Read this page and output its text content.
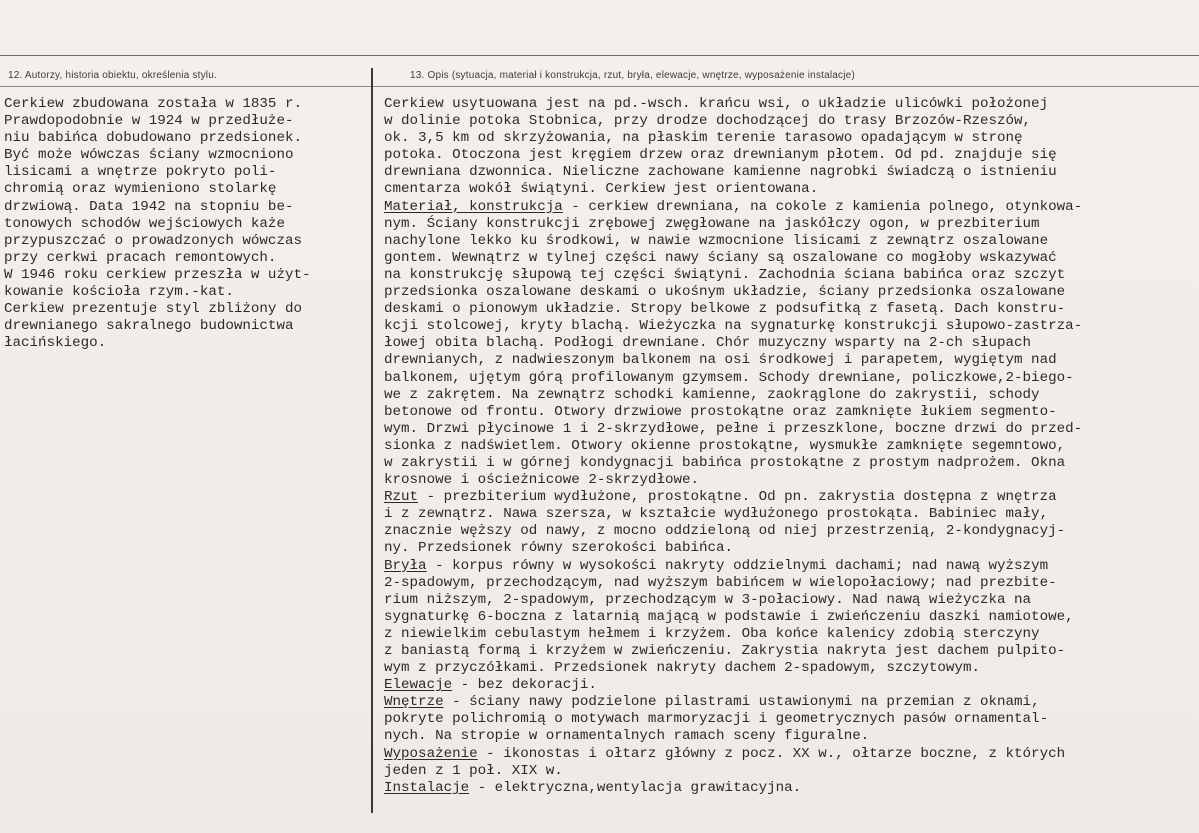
12. Autorzy, historia obiektu, określenia stylu.	13. Opis (sytuacja, materiał i konstrukcja, rzut, bryła, elewacje, wnętrze, wyposażenie instalacje)
Cerkiew zbudowana została w 1835 r.
Prawdopodobnie w 1924 w przedłuże-
niu babińca dobudowano przedsionek.
Być może wówczas ściany wzmocniono
lisicami a wnętrze pokryto poli-
chromią oraz wymieniono stolarkę
drzwiową. Data 1942 na stopniu be-
tonowych schodów wejściowych każe
przypuszczać o prowadzonych wówczas
przy cerkwi pracach remontowych.
W 1946 roku cerkiew przeszła w użyt-
kowanie kościoła rzym.-kat.
Cerkiew prezentuje styl zbliżony do
drewnianego sakralnego budownictwa
łacińskiego.
Cerkiew usytuowana jest na pd.-wsch. krańcu wsi, o układzie ulicówki położonej
w dolinie potoka Stobnica, przy drodze dochodzącej do trasy Brzozów-Rzeszów,
ok. 3,5 km od skrzyżowania, na płaskim terenie tarasowo opadającym w stronę
potoka. Otoczona jest kręgiem drzew oraz drewnianym płotem. Od pd. znajduje się
drewniana dzwonnica. Nieliczne zachowane kamienne nagrobki świadczą o istnieniu
cmentarza wokół świątyni. Cerkiew jest orientowana.
Materiał, konstrukcja - cerkiew drewniana, na cokole z kamienia polnego, otynkowa-
nym. Ściany konstrukcji zrębowej zwęgłowane na jaskółczy ogon, w prezbiterium
nachylone lekko ku środkowi, w nawie wzmocnione lisicami z zewnątrz oszalowane
gontem. Wewnątrz w tylnej części nawy ściany są oszalowane co mogłoby wskazywać
na konstrukcję słupową tej części świątyni. Zachodnia ściana babińca oraz szczyt
przedsionka oszalowane deskami o ukośnym układzie, ściany przedsionka oszalowane
deskami o pionowym układzie. Stropy belkowe z podsufitką z fasetą. Dach konstru-
kcji stolcowej, kryty blachą. Wieżyczka na sygnaturkę konstrukcji słupowo-zastrza-
łowej obita blachą. Podłogi drewniane. Chór muzyczny wsparty na 2-ch słupach
drewnianych, z nadwieszonym balkonem na osi środkowej i parapetem, wygiętym nad
balkonem, ujętym górą profilowanym gzymsem. Schody drewniane, policzkowe,2-biego-
we z zakrętem. Na zewnątrz schodki kamienne, zaokrąglone do zakrystii, schody
betonowe od frontu. Otwory drzwiowe prostokątne oraz zamknięte łukiem segmento-
wym. Drzwi płycinowe 1 i 2-skrzydłowe, pełne i przeszklone, boczne drzwi do przed-
sionka z nadświetlem. Otwory okienne prostokątne, wysmukłe zamknięte segemntowo,
w zakrystii i w górnej kondygnacji babińca prostokątne z prostym nadprożem. Okna
krosnowe i ościeżnicowe 2-skrzydłowe.
Rzut - prezbiterium wydłużone, prostokątne. Od pn. zakrystia dostępna z wnętrza
i z zewnątrz. Nawa szersza, w kształcie wydłużonego prostokąta. Babiniec mały,
znacznie węższy od nawy, z mocno oddzieloną od niej przestrzenią, 2-kondygnacyj-
ny. Przedsionek równy szerokości babińca.
Bryła - korpus równy w wysokości nakryty oddzielnymi dachami; nad nawą wyższym
2-spadowym, przechodzącym, nad wyższym babińcem w wielopołaciowy; nad prezbite-
rium niższym, 2-spadowym, przechodzącym w 3-połaciowy. Nad nawą wieżyczka na
sygnaturkę 6-boczna z latarnią mającą w podstawie i zwieńczeniu daszki namiotowe,
z niewielkim cebulastym hełmem i krzyżem. Oba końce kalenicy zdobią sterczyny
z baniastą formą i krzyżem w zwieńczeniu. Zakrystia nakryta jest dachem pulpito-
wym z przyczółkami. Przedsionek nakryty dachem 2-spadowym, szczytowym.
Elewacje - bez dekoracji.
Wnętrze - ściany nawy podzielone pilastrami ustawionymi na przemian z oknami,
pokryte polichromią o motywach marmoryzacji i geometrycznych pasów ornamental-
nych. Na stropie w ornamentalnych ramach sceny figuralne.
Wyposażenie - ikonostas i ołtarz główny z pocz. XX w., ołtarze boczne, z których
jeden z 1 poł. XIX w.
Instalacje - elektryczna,wentylacja grawitacyjna.
